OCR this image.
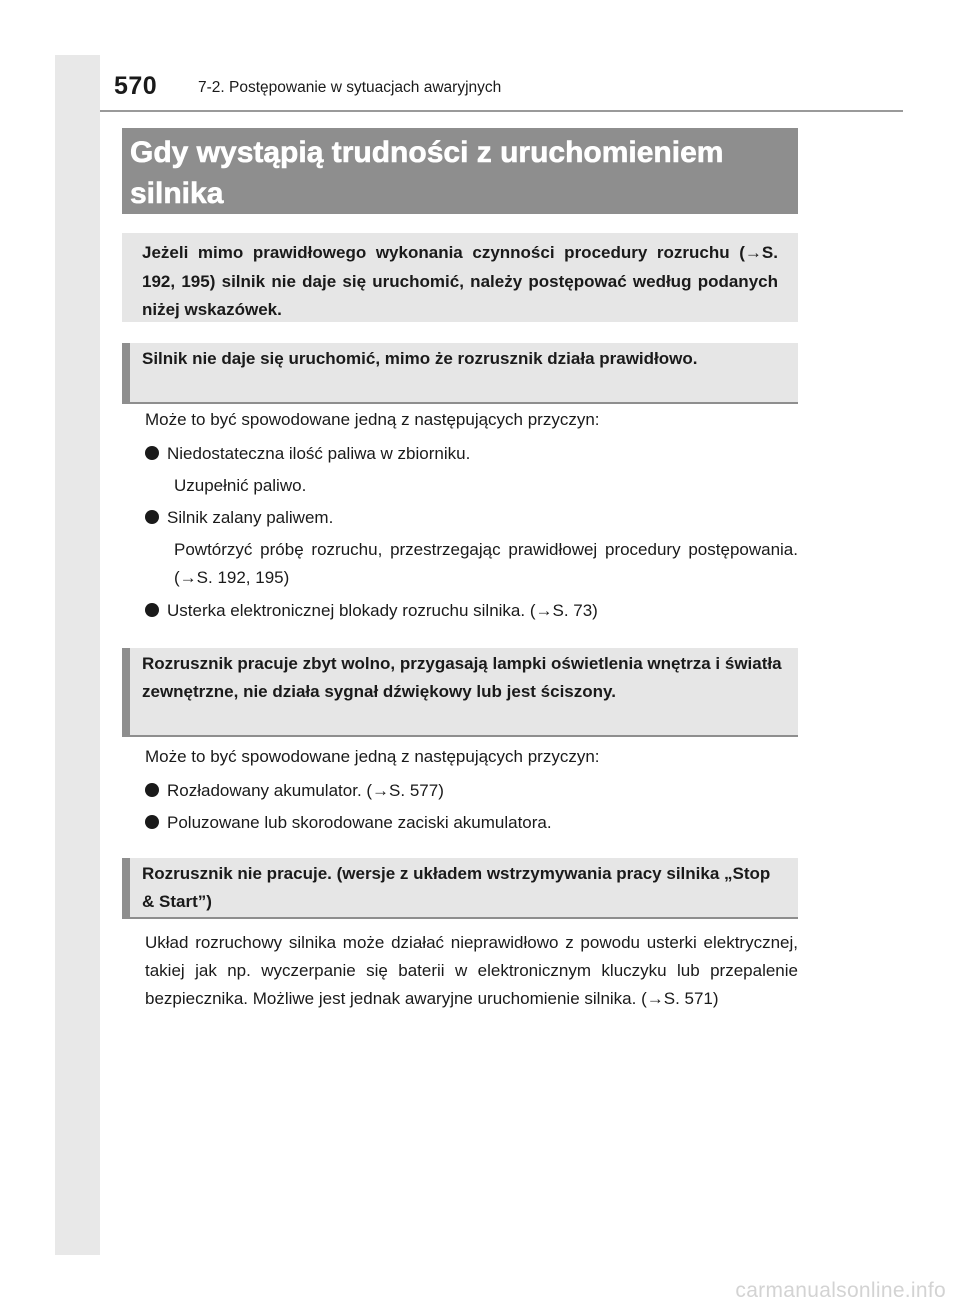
570	7-2. Postępowanie w sytuacjach awaryjnych
Gdy wystąpią trudności z uruchomieniem silnika
Jeżeli mimo prawidłowego wykonania czynności procedury rozruchu (→S. 192, 195) silnik nie daje się uruchomić, należy postępować według podanych niżej wskazówek.
Silnik nie daje się uruchomić, mimo że rozrusznik działa prawidłowo.
Może to być spowodowane jedną z następujących przyczyn:
Niedostateczna ilość paliwa w zbiorniku.
Uzupełnić paliwo.
Silnik zalany paliwem.
Powtórzyć próbę rozruchu, przestrzegając prawidłowej procedury postępowania. (→S. 192, 195)
Usterka elektronicznej blokady rozruchu silnika. (→S. 73)
Rozrusznik pracuje zbyt wolno, przygasają lampki oświetlenia wnętrza i światła zewnętrzne, nie działa sygnał dźwiękowy lub jest ściszony.
Może to być spowodowane jedną z następujących przyczyn:
Rozładowany akumulator. (→S. 577)
Poluzowane lub skorodowane zaciski akumulatora.
Rozrusznik nie pracuje. (wersje z układem wstrzymywania pracy silnika „Stop & Start”)
Układ rozruchowy silnika może działać nieprawidłowo z powodu usterki elektrycznej, takiej jak np. wyczerpanie się baterii w elektronicznym kluczyku lub przepalenie bezpiecznika. Możliwe jest jednak awaryjne uruchomienie silnika. (→S. 571)
carmanualsonline.info
